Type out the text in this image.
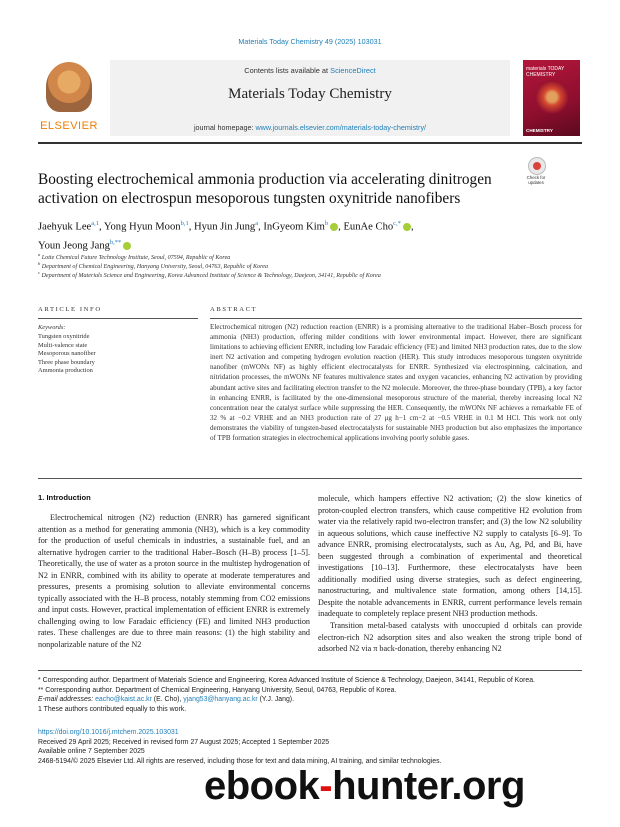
Materials Today Chemistry 49 (2025) 103031
ELSEVIER
Contents lists available at ScienceDirect
Materials Today Chemistry
journal homepage: www.journals.elsevier.com/materials-today-chemistry/
materials TODAY CHEMISTRY
CHEMISTRY
Boosting electrochemical ammonia production via accelerating dinitrogen activation on electrospun mesoporous tungsten oxynitride nanofibers
Check for updates
Jaehyuk Lee$^{a,1}$, Yong Hyun Moon$^{b,1}$, Hyun Jin Jung$^a$, InGyeom Kim$^b$ , EunAe Cho$^{c,*}$ ,
Youn Jeong Jang$^{b,**}$
$^a$ Lotte Chemical Future Technology Institute, Seoul, 07594, Republic of Korea
$^b$ Department of Chemical Engineering, Hanyang University, Seoul, 04763, Republic of Korea
$^c$ Department of Materials Science and Engineering, Korea Advanced Institute of Science & Technology, Daejeon, 34141, Republic of Korea
ARTICLE INFO	ABSTRACT
Keywords:
Tungsten oxynitride
Multi-valence state
Mesoporous nanofiber
Three phase boundary
Ammonia production
Electrochemical nitrogen (N2) reduction reaction (ENRR) is a promising alternative to the traditional Haber–Bosch process for ammonia (NH3) production, offering milder conditions with lower environmental impact. However, there are significant limitations to achieving efficient ENRR, including low Faradaic efficiency (FE) and limited NH3 production rates, due to the slow inert N2 activation and competing hydrogen evolution reaction (HER). This study introduces mesoporous tungsten oxynitride nanofiber (mWONx NF) as highly efficient electrocatalysts for ENRR. Synthesized via electrospinning, calcination, and nitridation processes, the mWONx NF features multivalence states and oxygen vacancies, enhancing N2 activation by providing abundant active sites and facilitating electron transfer to the N2 molecule. Moreover, the three-phase boundary (TPB), a key factor in enhancing ENRR, is facilitated by the one-dimensional mesoporous structure of the material, thereby increasing local N2 concentration near the catalyst surface while suppressing the HER. Consequently, the mWONx NF achieves a remarkable FE of 32 % at −0.2 VRHE and an NH3 production rate of 27 μg h−1 cm−2 at −0.5 VRHE in 0.1 M HCl. This work not only demonstrates the viability of tungsten-based electrocatalysts for sustainable NH3 production but also emphasizes the importance of TPB formation strategies in electrochemical applications involving poorly soluble gases.
1. Introduction

Electrochemical nitrogen (N2) reduction (ENRR) has garnered significant attention as a method for generating ammonia (NH3), which is a key commodity for the production of useful chemicals in industries, a sustainable fuel, and an alternative hydrogen carrier to the traditional Haber–Bosch (H–B) process [1–5]. Theoretically, the use of water as a proton source in the multistep hydrogenation of N2 in ENRR, combined with its ability to operate at moderate temperatures and pressures, presents a promising solution to alleviate environmental concerns typically associated with the H–B process, notably stemming from CO2 emissions and input costs. However, practical implementation of efficient ENRR is extremely challenging owing to low Faradaic efficiency (FE) and limited NH3 production rates. These challenges are due to three main reasons: (1) the high stability and nonpolarizable nature of the N2

molecule, which hampers effective N2 activation; (2) the slow kinetics of proton-coupled electron transfers, which cause competitive H2 evolution from water via the relatively rapid two-electron transfer; and (3) the low N2 solubility in aqueous solutions, which cause ineffective N2 supply to catalysts [6–9]. To advance ENRR, promising electrocatalysts, such as Au, Ag, Pd, and Bi, have been suggested through a combination of experimental and theoretical investigations [10–13]. Furthermore, these electrocatalysts have been additionally modified using diverse strategies, such as defect engineering, nanostructuring, and multivalence state formation, among others [14,15]. Despite the notable advancements in ENRR, current performance levels remain inadequate to completely replace present NH3 production methods.

Transition metal-based catalysts with unoccupied d orbitals can provide electron-rich N2 adsorption sites and also weaken the strong triple bond of adsorbed N2 via π back-donation, thereby enhancing N2

* Corresponding author. Department of Materials Science and Engineering, Korea Advanced Institute of Science & Technology, Daejeon, 34141, Republic of Korea.
** Corresponding author. Department of Chemical Engineering, Hanyang University, Seoul, 04763, Republic of Korea.
E-mail addresses: eacho@kaist.ac.kr (E. Cho), yjang53@hanyang.ac.kr (Y.J. Jang).
1 These authors contributed equally to this work.
https://doi.org/10.1016/j.mtchem.2025.103031
Received 29 April 2025; Received in revised form 27 August 2025; Accepted 1 September 2025
Available online 7 September 2025
2468-5194/© 2025 Elsevier Ltd. All rights are reserved, including those for text and data mining, AI training, and similar technologies.
ebook-hunter.org
